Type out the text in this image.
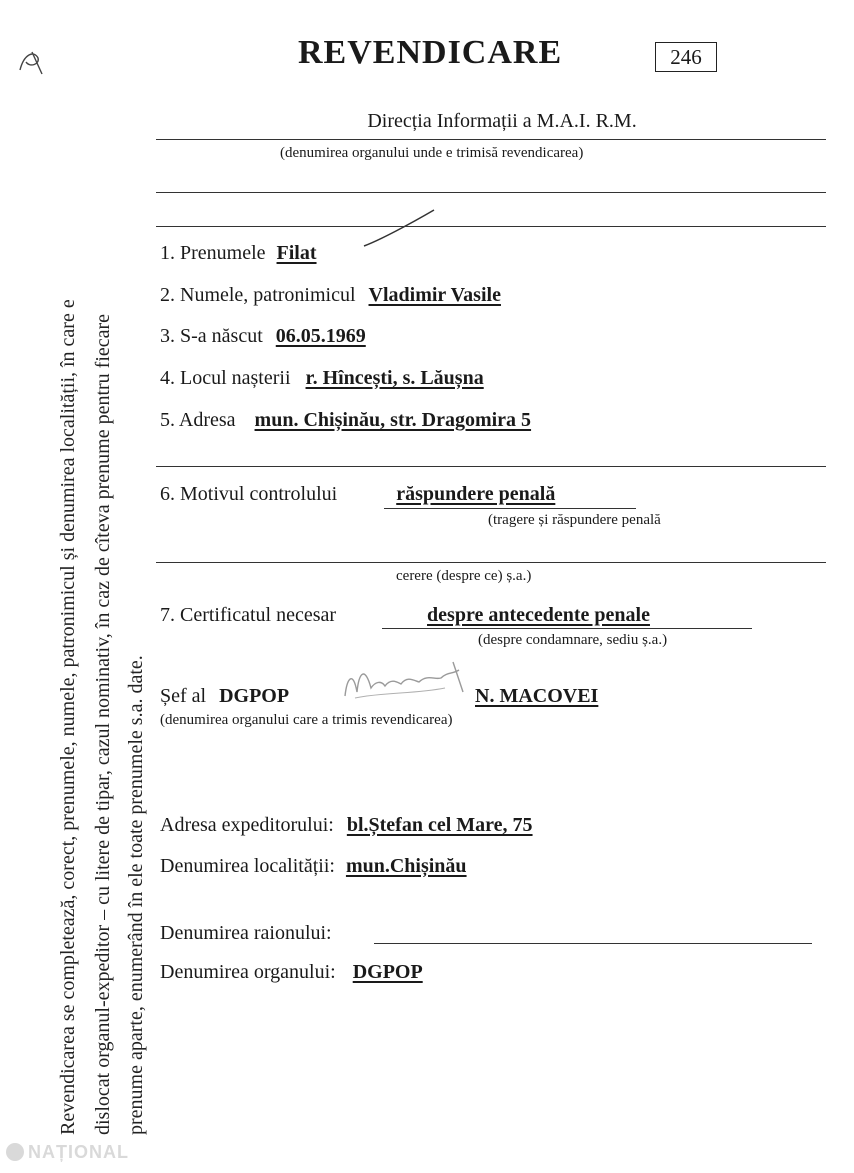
Revendicarea se completează, corect, prenumele, numele, patronimicul și denumirea localității, în care e dislocat organul-expeditor – cu litere de tipar, cazul nominativ, în caz de cîteva prenume pentru fiecare prenume aparte, enumerând în ele toate prenumele s.a. date.
REVENDICARE	246
Direcția Informații a M.A.I. R.M.
(denumirea organului unde e trimisă revendicarea)
1. Prenumele Filat
2. Numele, patronimicul Vladimir Vasile
3. S-a născut 06.05.1969
4. Locul nașterii r. Hîncești, s. Lăușna
5. Adresa mun. Chișinău, str. Dragomira 5
6. Motivul controlului	răspundere penală
(tragere și răspundere penală
cerere (despre ce) ș.a.)
7. Certificatul necesar	despre antecedente penale
(despre condamnare, sediu ș.a.)
Șef al DGPOP	N. MACOVEI
(denumirea organului care a trimis revendicarea)
Adresa expeditorului: bl.Ștefan cel Mare, 75
Denumirea localității: mun.Chișinău
Denumirea raionului:
Denumirea organului: DGPOP
NAȚIONAL
